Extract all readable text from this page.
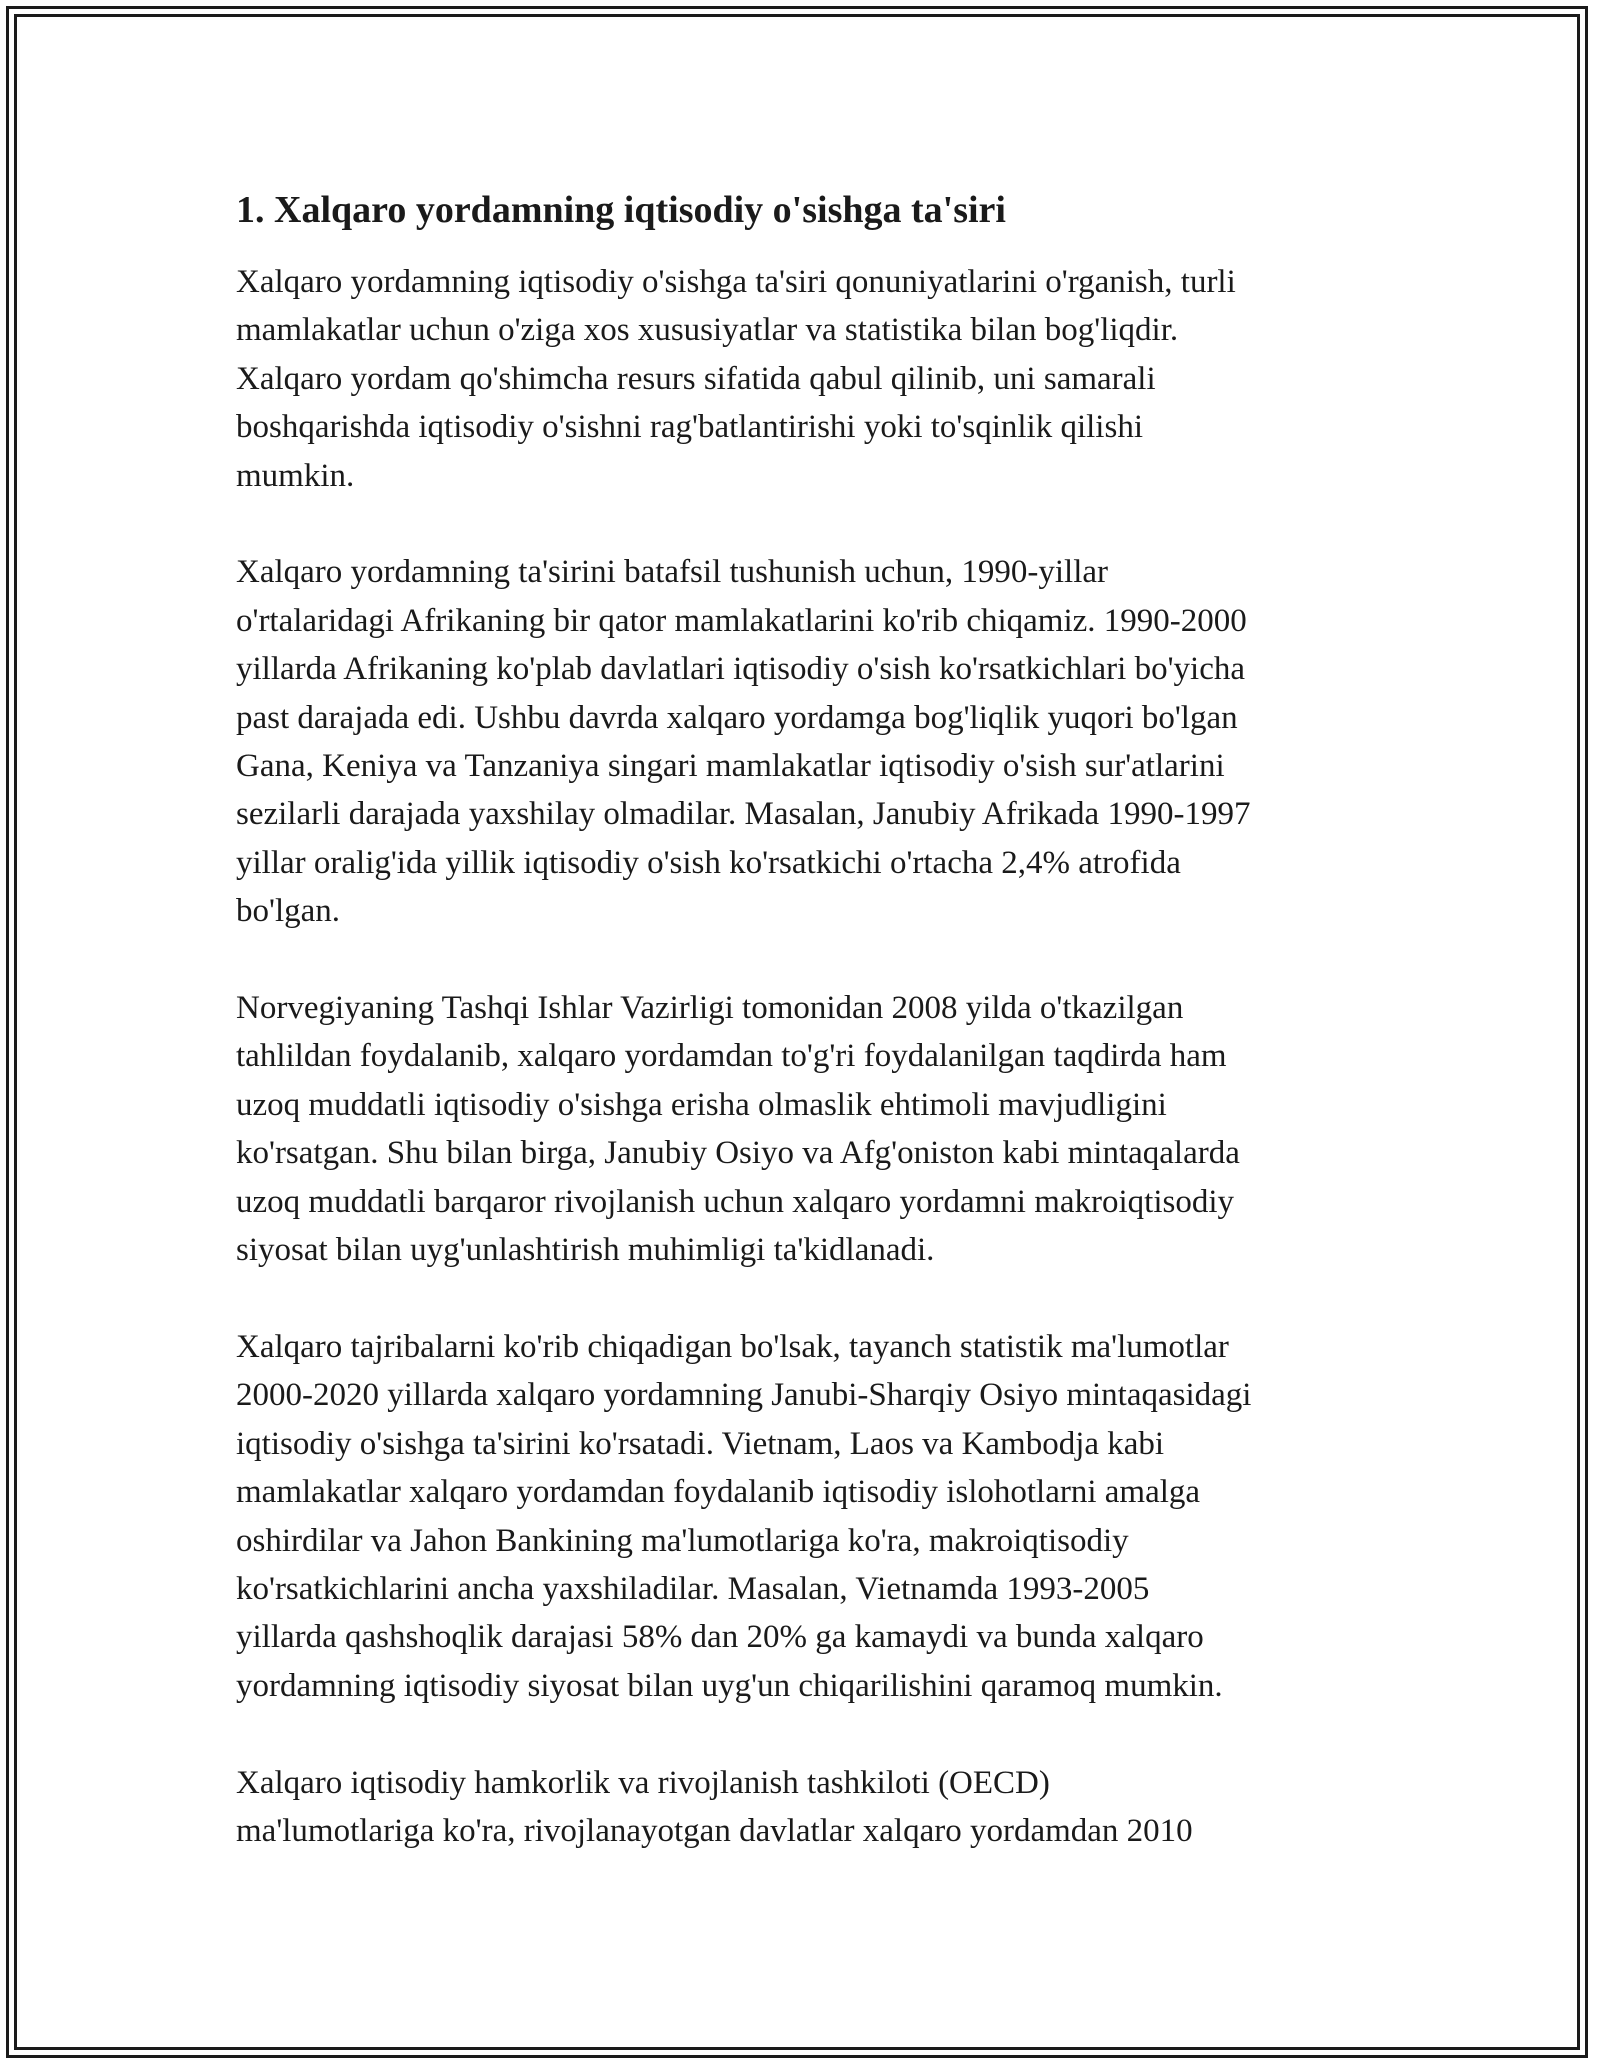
1. Xalqaro yordamning iqtisodiy o'sishga ta'siri

Xalqaro yordamning iqtisodiy o'sishga ta'siri qonuniyatlarini o'rganish, turli
mamlakatlar uchun o'ziga xos xususiyatlar va statistika bilan bog'liqdir.
Xalqaro yordam qo'shimcha resurs sifatida qabul qilinib, uni samarali
boshqarishda iqtisodiy o'sishni rag'batlantirishi yoki to'sqinlik qilishi
mumkin.

Xalqaro yordamning ta'sirini batafsil tushunish uchun, 1990-yillar
o'rtalaridagi Afrikaning bir qator mamlakatlarini ko'rib chiqamiz. 1990-2000
yillarda Afrikaning ko'plab davlatlari iqtisodiy o'sish ko'rsatkichlari bo'yicha
past darajada edi. Ushbu davrda xalqaro yordamga bog'liqlik yuqori bo'lgan
Gana, Keniya va Tanzaniya singari mamlakatlar iqtisodiy o'sish sur'atlarini
sezilarli darajada yaxshilay olmadilar. Masalan, Janubiy Afrikada 1990-1997
yillar oralig'ida yillik iqtisodiy o'sish ko'rsatkichi o'rtacha 2,4% atrofida
bo'lgan.

Norvegiyaning Tashqi Ishlar Vazirligi tomonidan 2008 yilda o'tkazilgan
tahlildan foydalanib, xalqaro yordamdan to'g'ri foydalanilgan taqdirda ham
uzoq muddatli iqtisodiy o'sishga erisha olmaslik ehtimoli mavjudligini
ko'rsatgan. Shu bilan birga, Janubiy Osiyo va Afg'oniston kabi mintaqalarda
uzoq muddatli barqaror rivojlanish uchun xalqaro yordamni makroiqtisodiy
siyosat bilan uyg'unlashtirish muhimligi ta'kidlanadi.

Xalqaro tajribalarni ko'rib chiqadigan bo'lsak, tayanch statistik ma'lumotlar
2000-2020 yillarda xalqaro yordamning Janubi-Sharqiy Osiyo mintaqasidagi
iqtisodiy o'sishga ta'sirini ko'rsatadi. Vietnam, Laos va Kambodja kabi
mamlakatlar xalqaro yordamdan foydalanib iqtisodiy islohotlarni amalga
oshirdilar va Jahon Bankining ma'lumotlariga ko'ra, makroiqtisodiy
ko'rsatkichlarini ancha yaxshiladilar. Masalan, Vietnamda 1993-2005
yillarda qashshoqlik darajasi 58% dan 20% ga kamaydi va bunda xalqaro
yordamning iqtisodiy siyosat bilan uyg'un chiqarilishini qaramoq mumkin.

Xalqaro iqtisodiy hamkorlik va rivojlanish tashkiloti (OECD)
ma'lumotlariga ko'ra, rivojlanayotgan davlatlar xalqaro yordamdan 2010
